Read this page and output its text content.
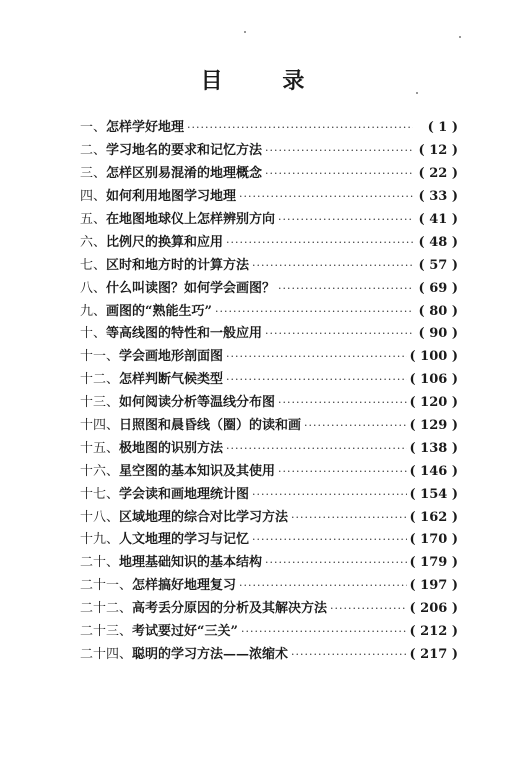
目 录
一 、 怎样学好地理 ·····	( 1 )
二 、 学习地名的要求和记忆方法 ·····	( 12 )
三 、 怎样区别易混淆的地理概念 ·····	( 22 )
四 、 如何利用地图学习地理 ·····	( 33 )
五 、 在地图地球仪上怎样辨别方向 ·····	( 41 )
六 、 比例尺的换算和应用 ·····	( 48 )
七 、 区时和地方时的计算方法 ·····	( 57 )
八 、 什么叫读图？如何学会画图？ ·····	( 69 )
九 、 画图的“熟能生巧” ·····	( 80 )
十 、 等高线图的特性和一般应用 ·····	( 90 )
十一 、 学会画地形剖面图 ·····	( 100 )
十二 、 怎样判断气候类型 ·····	( 106 )
十三 、 如何阅读分析等温线分布图 ·····	( 120 )
十四 、 日照图和晨昏线（圈）的读和画 ·····	( 129 )
十五 、 极地图的识别方法 ·····	( 138 )
十六 、 星空图的基本知识及其使用 ·····	( 146 )
十七 、 学会读和画地理统计图 ·····	( 154 )
十八 、 区域地理的综合对比学习方法 ·····	( 162 )
十九 、 人文地理的学习与记忆 ·····	( 170 )
二十 、 地理基础知识的基本结构 ·····	( 179 )
二十一 、 怎样搞好地理复习 ·····	( 197 )
二十二 、 高考丢分原因的分析及其解决方法 ·····	( 206 )
二十三 、 考试要过好“三关” ·····	( 212 )
二十四 、 聪明的学习方法——浓缩术 ·····	( 217 )
